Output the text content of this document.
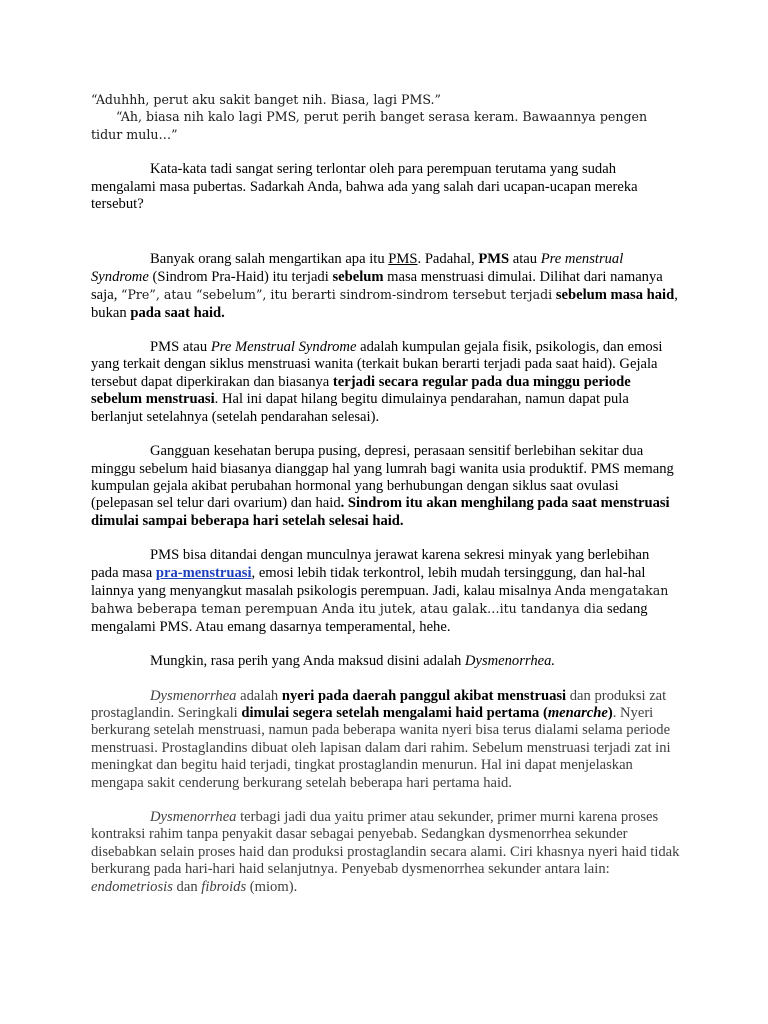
“Aduhhh, perut aku sakit banget nih. Biasa, lagi PMS.”

“Ah, biasa nih kalo lagi PMS, perut perih banget serasa keram. Bawaannya pengen tidur mulu…”

Kata-kata tadi sangat sering terlontar oleh para perempuan terutama yang sudah mengalami masa pubertas. Sadarkah Anda, bahwa ada yang salah dari ucapan-ucapan mereka tersebut?

Banyak orang salah mengartikan apa itu PMS. Padahal, PMS atau Pre menstrual Syndrome (Sindrom Pra-Haid) itu terjadi sebelum masa menstruasi dimulai. Dilihat dari namanya saja, “Pre”, atau “sebelum”, itu berarti sindrom-sindrom tersebut terjadi sebelum masa haid, bukan pada saat haid.

PMS atau Pre Menstrual Syndrome adalah kumpulan gejala fisik, psikologis, dan emosi yang terkait dengan siklus menstruasi wanita (terkait bukan berarti terjadi pada saat haid). Gejala tersebut dapat diperkirakan dan biasanya terjadi secara regular pada dua minggu periode sebelum menstruasi. Hal ini dapat hilang begitu dimulainya pendarahan, namun dapat pula berlanjut setelahnya (setelah pendarahan selesai).

Gangguan kesehatan berupa pusing, depresi, perasaan sensitif berlebihan sekitar dua minggu sebelum haid biasanya dianggap hal yang lumrah bagi wanita usia produktif. PMS memang kumpulan gejala akibat perubahan hormonal yang berhubungan dengan siklus saat ovulasi (pelepasan sel telur dari ovarium) dan haid. Sindrom itu akan menghilang pada saat menstruasi dimulai sampai beberapa hari setelah selesai haid.

PMS bisa ditandai dengan munculnya jerawat karena sekresi minyak yang berlebihan pada masa pra-menstruasi, emosi lebih tidak terkontrol, lebih mudah tersinggung, dan hal-hal lainnya yang menyangkut masalah psikologis perempuan. Jadi, kalau misalnya Anda mengatakan bahwa beberapa teman perempuan Anda itu jutek, atau galak…itu tandanya dia sedang mengalami PMS. Atau emang dasarnya temperamental, hehe.

Mungkin, rasa perih yang Anda maksud disini adalah Dysmenorrhea.

Dysmenorrhea adalah nyeri pada daerah panggul akibat menstruasi dan produksi zat prostaglandin. Seringkali dimulai segera setelah mengalami haid pertama (menarche). Nyeri berkurang setelah menstruasi, namun pada beberapa wanita nyeri bisa terus dialami selama periode menstruasi. Prostaglandins dibuat oleh lapisan dalam dari rahim. Sebelum menstruasi terjadi zat ini meningkat dan begitu haid terjadi, tingkat prostaglandin menurun. Hal ini dapat menjelaskan mengapa sakit cenderung berkurang setelah beberapa hari pertama haid.

Dysmenorrhea terbagi jadi dua yaitu primer atau sekunder, primer murni karena proses kontraksi rahim tanpa penyakit dasar sebagai penyebab. Sedangkan dysmenorrhea sekunder disebabkan selain proses haid dan produksi prostaglandin secara alami. Ciri khasnya nyeri haid tidak berkurang pada hari-hari haid selanjutnya. Penyebab dysmenorrhea sekunder antara lain: endometriosis dan fibroids (miom).
